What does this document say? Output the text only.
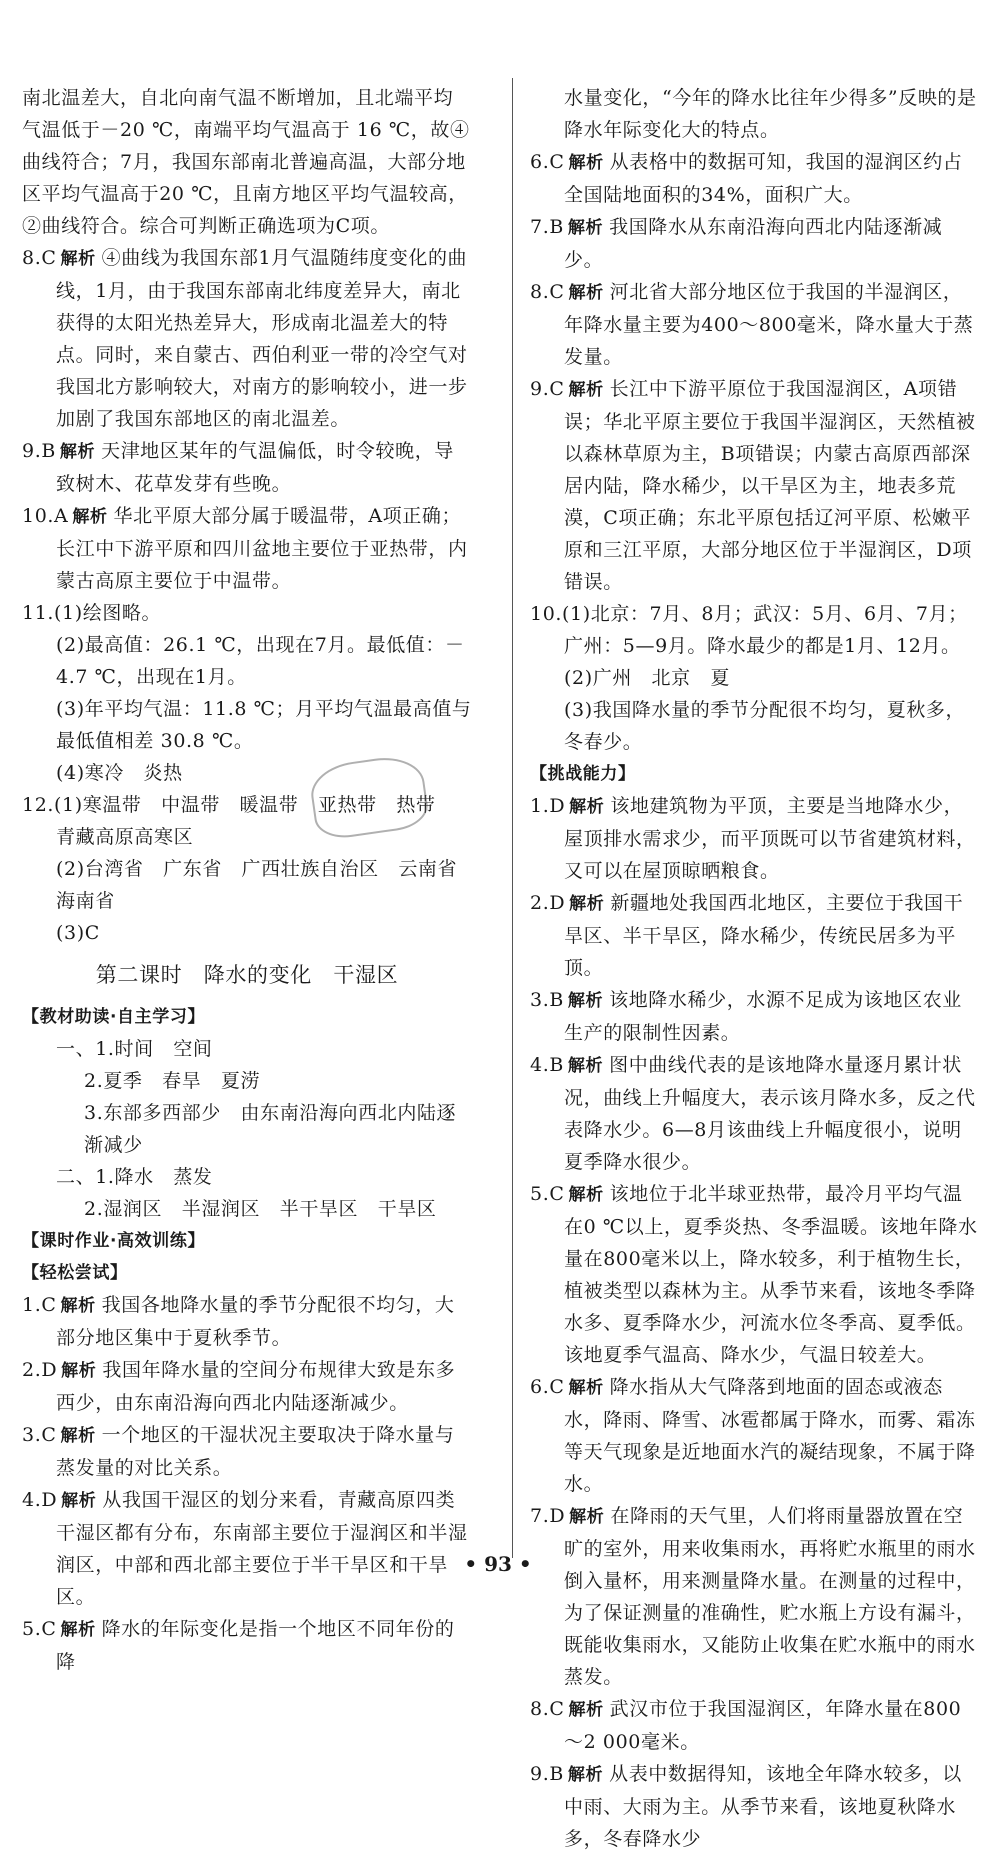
南北温差大，自北向南气温不断增加，且北端平均气温低于－20 ℃，南端平均气温高于 16 ℃，故④曲线符合；7月，我国东部南北普遍高温，大部分地区平均气温高于20 ℃，且南方地区平均气温较高，②曲线符合。综合可判断正确选项为C项。
8.C 解析 ④曲线为我国东部1月气温随纬度变化的曲线，1月，由于我国东部南北纬度差异大，南北获得的太阳光热差异大，形成南北温差大的特点。同时，来自蒙古、西伯利亚一带的冷空气对我国北方影响较大，对南方的影响较小，进一步加剧了我国东部地区的南北温差。
9.B 解析 天津地区某年的气温偏低，时令较晚，导致树木、花草发芽有些晚。
10.A 解析 华北平原大部分属于暖温带，A项正确；长江中下游平原和四川盆地主要位于亚热带，内蒙古高原主要位于中温带。
11.(1)绘图略。
(2)最高值：26.1 ℃，出现在7月。最低值：－4.7 ℃，出现在1月。
(3)年平均气温：11.8 ℃；月平均气温最高值与最低值相差 30.8 ℃。
(4)寒冷　炎热
12.(1)寒温带　中温带　暖温带　亚热带　热带　青藏高原高寒区
(2)台湾省　广东省　广西壮族自治区　云南省　海南省
(3)C
第二课时　降水的变化　干湿区
【教材助读·自主学习】
一、1.时间　空间
2.夏季　春旱　夏涝
3.东部多西部少　由东南沿海向西北内陆逐渐减少
二、1.降水　蒸发
2.湿润区　半湿润区　半干旱区　干旱区
【课时作业·高效训练】
【轻松尝试】
1.C 解析 我国各地降水量的季节分配很不均匀，大部分地区集中于夏秋季节。
2.D 解析 我国年降水量的空间分布规律大致是东多西少，由东南沿海向西北内陆逐渐减少。
3.C 解析 一个地区的干湿状况主要取决于降水量与蒸发量的对比关系。
4.D 解析 从我国干湿区的划分来看，青藏高原四类干湿区都有分布，东南部主要位于湿润区和半湿润区，中部和西北部主要位于半干旱区和干旱区。
5.C 解析 降水的年际变化是指一个地区不同年份的降
水量变化，“今年的降水比往年少得多”反映的是降水年际变化大的特点。
6.C 解析 从表格中的数据可知，我国的湿润区约占全国陆地面积的34%，面积广大。
7.B 解析 我国降水从东南沿海向西北内陆逐渐减少。
8.C 解析 河北省大部分地区位于我国的半湿润区，年降水量主要为400～800毫米，降水量大于蒸发量。
9.C 解析 长江中下游平原位于我国湿润区，A项错误；华北平原主要位于我国半湿润区，天然植被以森林草原为主，B项错误；内蒙古高原西部深居内陆，降水稀少，以干旱区为主，地表多荒漠，C项正确；东北平原包括辽河平原、松嫩平原和三江平原，大部分地区位于半湿润区，D项错误。
10.(1)北京：7月、8月；武汉：5月、6月、7月；广州：5—9月。降水最少的都是1月、12月。
(2)广州　北京　夏
(3)我国降水量的季节分配很不均匀，夏秋多，冬春少。
【挑战能力】
1.D 解析 该地建筑物为平顶，主要是当地降水少，屋顶排水需求少，而平顶既可以节省建筑材料，又可以在屋顶晾晒粮食。
2.D 解析 新疆地处我国西北地区，主要位于我国干旱区、半干旱区，降水稀少，传统民居多为平顶。
3.B 解析 该地降水稀少，水源不足成为该地区农业生产的限制性因素。
4.B 解析 图中曲线代表的是该地降水量逐月累计状况，曲线上升幅度大，表示该月降水多，反之代表降水少。6—8月该曲线上升幅度很小，说明夏季降水很少。
5.C 解析 该地位于北半球亚热带，最冷月平均气温在0 ℃以上，夏季炎热、冬季温暖。该地年降水量在800毫米以上，降水较多，利于植物生长，植被类型以森林为主。从季节来看，该地冬季降水多、夏季降水少，河流水位冬季高、夏季低。该地夏季气温高、降水少，气温日较差大。
6.C 解析 降水指从大气降落到地面的固态或液态水，降雨、降雪、冰雹都属于降水，而雾、霜冻等天气现象是近地面水汽的凝结现象，不属于降水。
7.D 解析 在降雨的天气里，人们将雨量器放置在空旷的室外，用来收集雨水，再将贮水瓶里的雨水倒入量杯，用来测量降水量。在测量的过程中，为了保证测量的准确性，贮水瓶上方设有漏斗，既能收集雨水，又能防止收集在贮水瓶中的雨水蒸发。
8.C 解析 武汉市位于我国湿润区，年降水量在800～2 000毫米。
9.B 解析 从表中数据得知，该地全年降水较多，以中雨、大雨为主。从季节来看，该地夏秋降水多，冬春降水少
• 93 •
